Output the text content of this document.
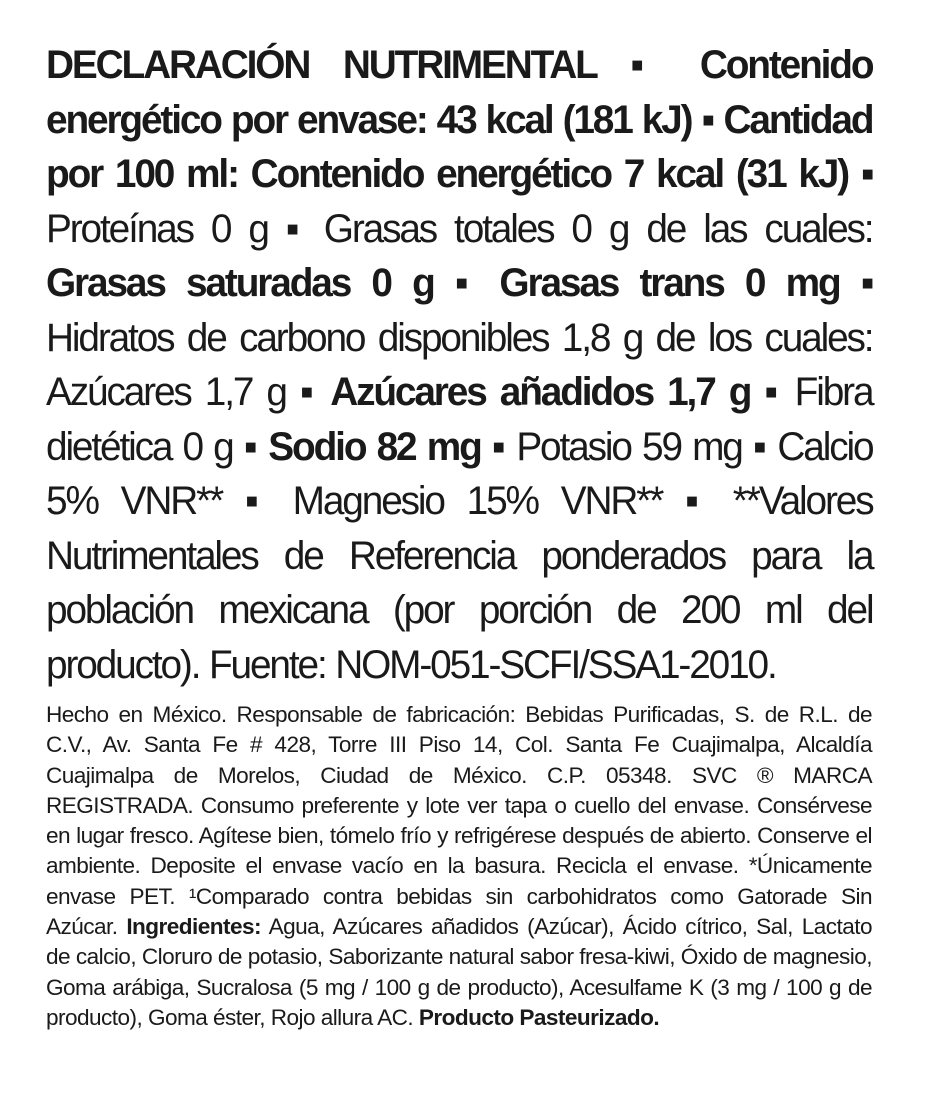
DECLARACIÓN NUTRIMENTAL ▪ Contenido energético por envase: 43 kcal (181 kJ) ▪ Cantidad por 100 ml: Contenido energético 7 kcal (31 kJ) ▪ Proteínas 0 g ▪ Grasas totales 0 g de las cuales: Grasas saturadas 0 g ▪ Grasas trans 0 mg ▪ Hidratos de carbono disponibles 1,8 g de los cuales: Azúcares 1,7 g ▪ Azúcares añadidos 1,7 g ▪ Fibra dietética 0 g ▪ Sodio 82 mg ▪ Potasio 59 mg ▪ Calcio 5% VNR** ▪ Magnesio 15% VNR** ▪ **Valores Nutrimentales de Referencia ponderados para la población mexicana (por porción de 200 ml del producto). Fuente: NOM-051-SCFI/SSA1-2010.
Hecho en México. Responsable de fabricación: Bebidas Purificadas, S. de R.L. de C.V., Av. Santa Fe # 428, Torre III Piso 14, Col. Santa Fe Cuajimalpa, Alcaldía Cuajimalpa de Morelos, Ciudad de México. C.P. 05348. SVC ® MARCA REGISTRADA. Consumo preferente y lote ver tapa o cuello del envase. Consérvese en lugar fresco. Agítese bien, tómelo frío y refrigérese después de abierto. Conserve el ambiente. Deposite el envase vacío en la basura. Recicla el envase. *Únicamente envase PET. ¹Comparado contra bebidas sin carbohidratos como Gatorade Sin Azúcar. Ingredientes: Agua, Azúcares añadidos (Azúcar), Ácido cítrico, Sal, Lactato de calcio, Cloruro de potasio, Saborizante natural sabor fresa-kiwi, Óxido de magnesio, Goma arábiga, Sucralosa (5 mg / 100 g de producto), Acesulfame K (3 mg / 100 g de producto), Goma éster, Rojo allura AC. Producto Pasteurizado.
